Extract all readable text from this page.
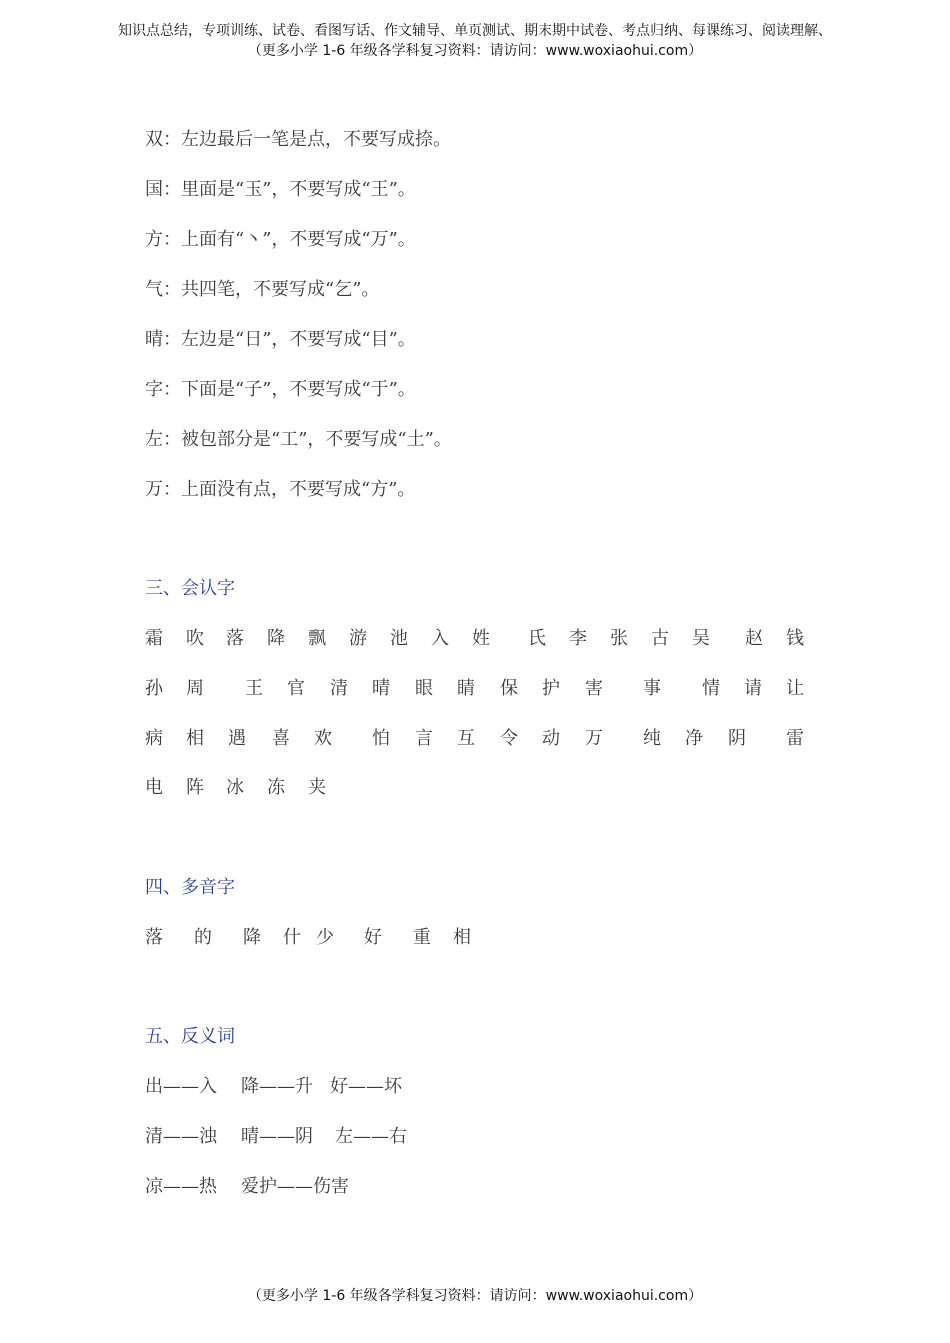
知识点总结，专项训练、试卷、看图写话、作文辅导、单页测试、期末期中试卷、考点归纳、每课练习、阅读理解、
（更多小学 1-6 年级各学科复习资料：请访问：www.woxiaohui.com）
双：左边最后一笔是点，不要写成捺。
国：里面是“玉”，不要写成“王”。
方：上面有“丶”，不要写成“万”。
气：共四笔，不要写成“乞”。
晴：左边是“日”，不要写成“目”。
字：下面是“子”，不要写成“于”。
左：被包部分是“工”，不要写成“土”。
万：上面没有点，不要写成“方”。
三、会认字
霜 吹 落 降 飘 游 池 入 姓 氏 李 张 古 吴 赵 钱
孙 周 王 官 清 晴 眼 睛 保 护 害 事 情 请 让
病 相 遇 喜 欢 怕 言 互 令 动 万 纯 净 阴 雷
电 阵 冰 冻 夹
四、多音字
落 的 降 什 少 好 重 相
五、反义词
出——入 降——升 好——坏
清——浊 晴——阴 左——右
凉——热 爱护——伤害
（更多小学 1-6 年级各学科复习资料：请访问：www.woxiaohui.com）
